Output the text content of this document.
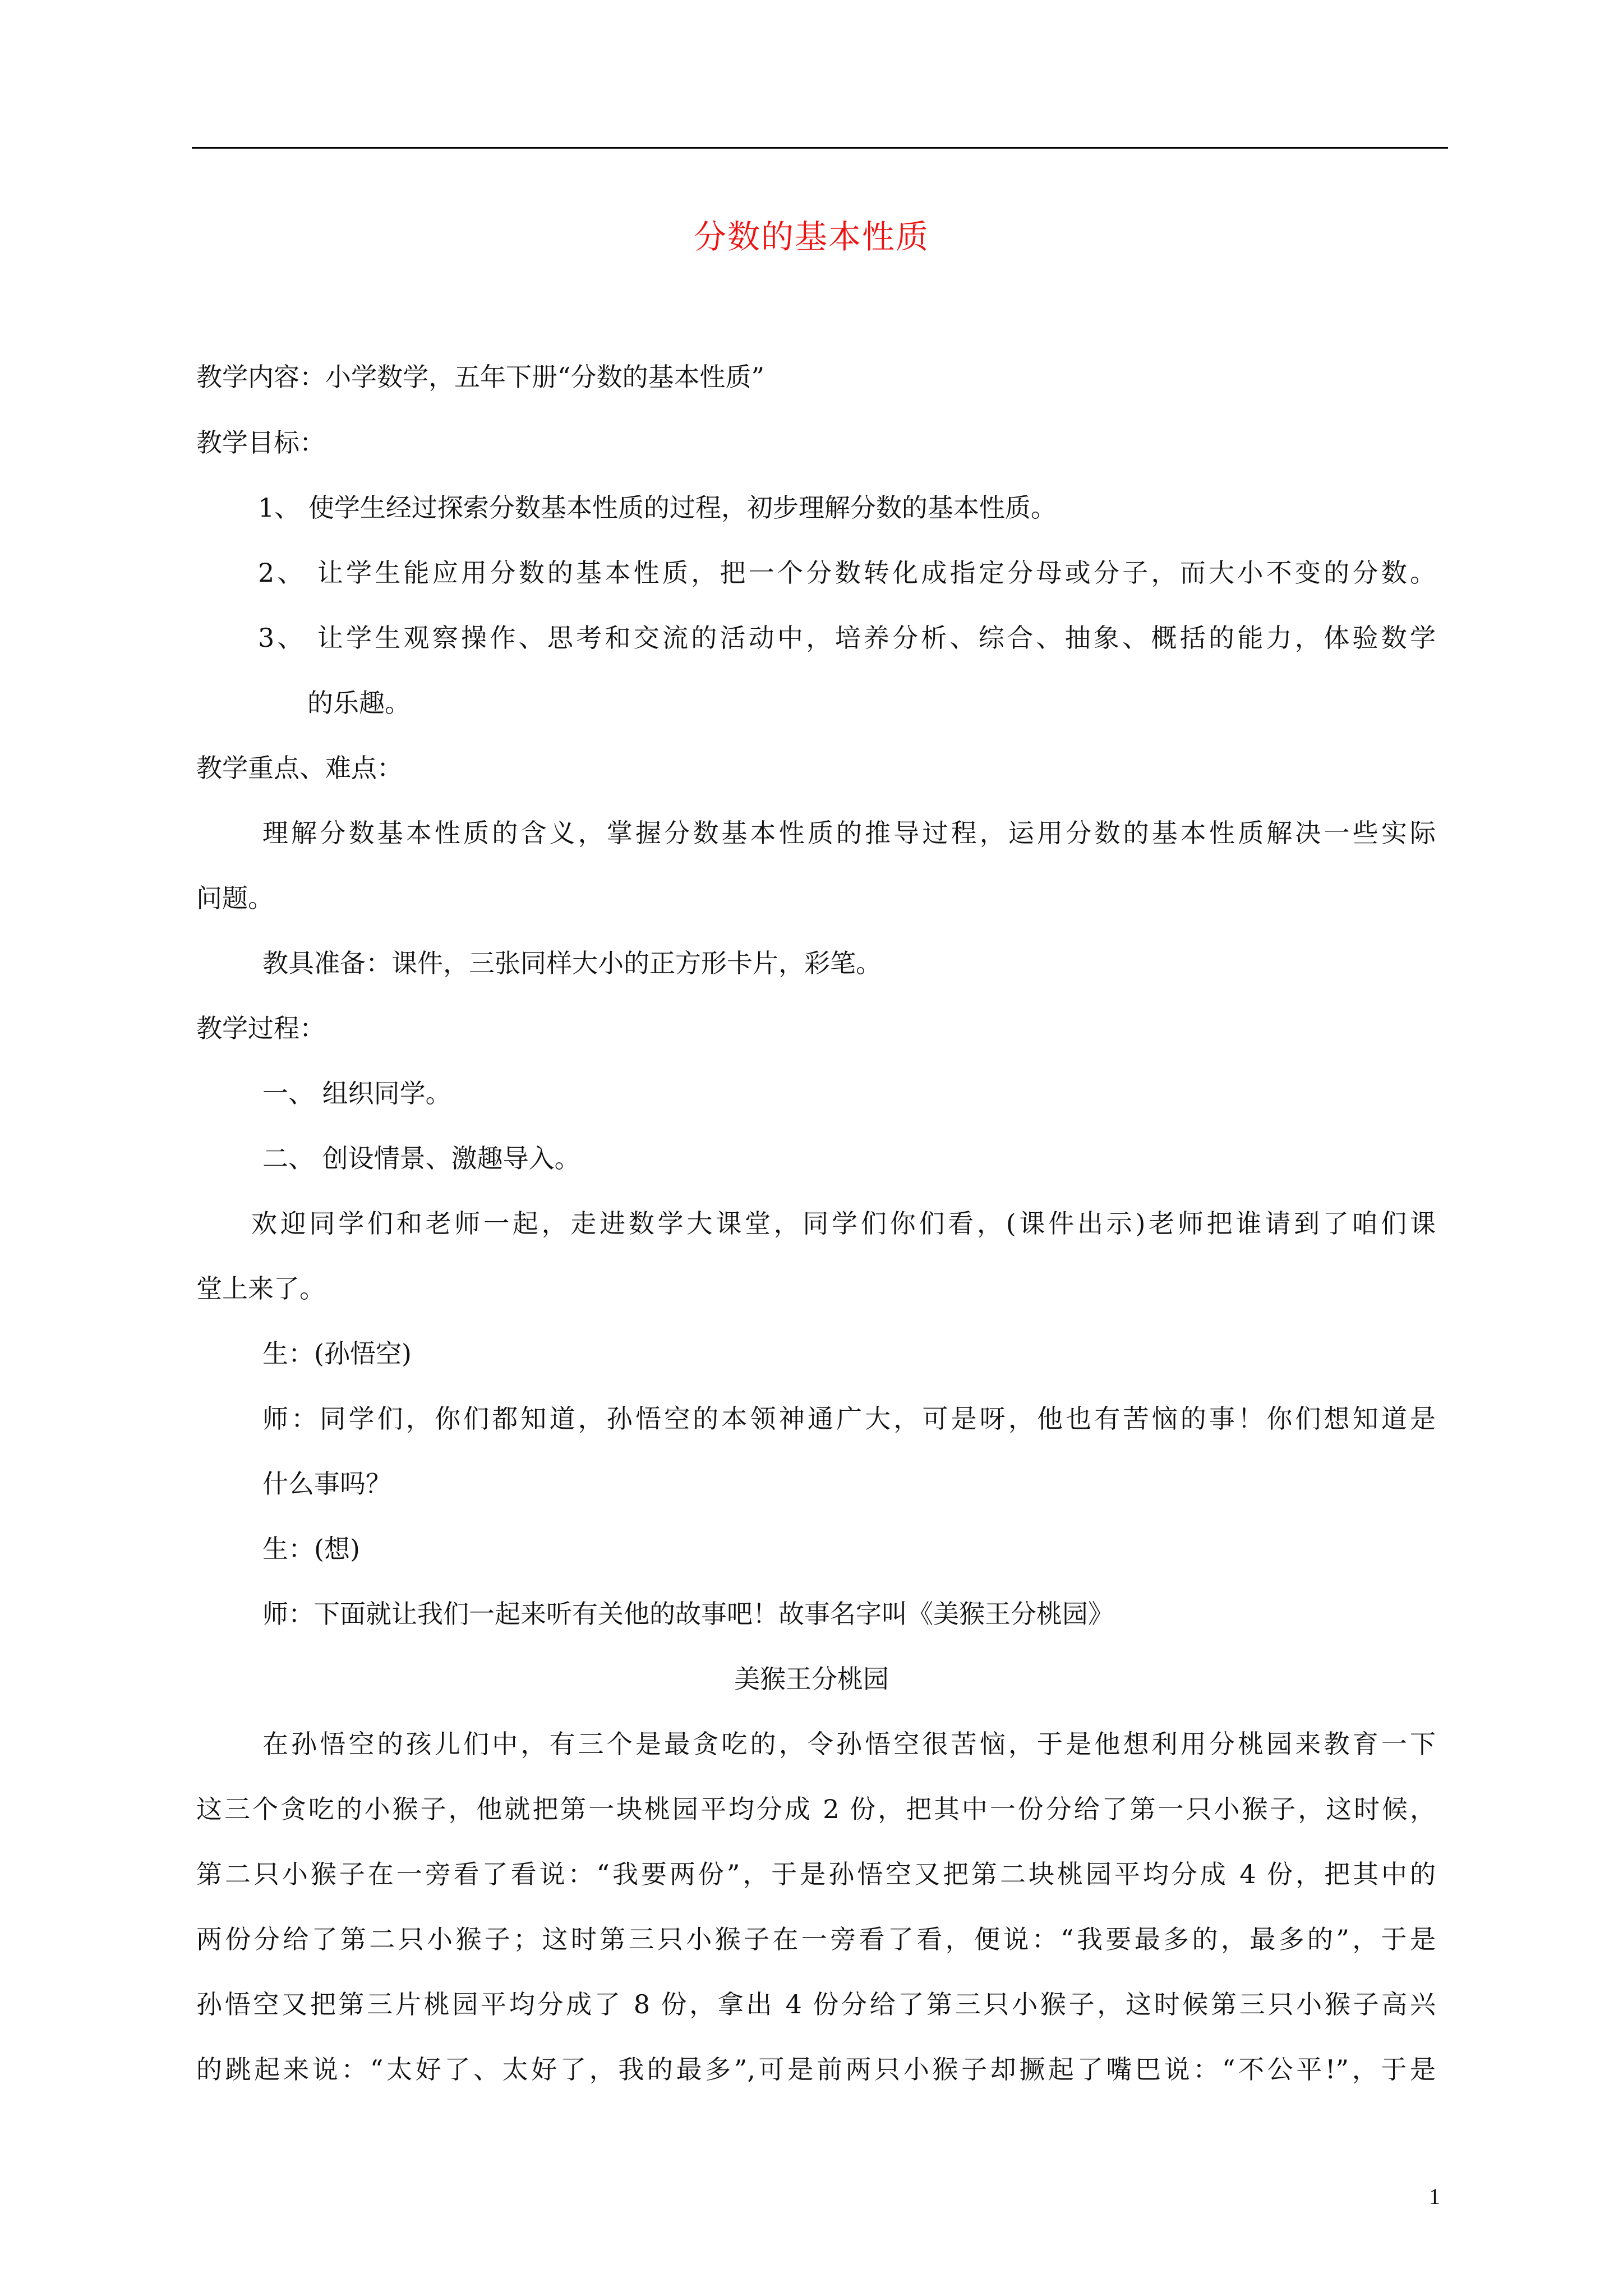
分数的基本性质
教学内容：小学数学，五年下册“分数的基本性质”
教学目标：
1、 使学生经过探索分数基本性质的过程，初步理解分数的基本性质。
2、 让学生能应用分数的基本性质，把一个分数转化成指定分母或分子，而大小不变的分数。
3、 让学生观察操作、思考和交流的活动中，培养分析、综合、抽象、概括的能力，体验数学
的乐趣。
教学重点、难点：
理解分数基本性质的含义，掌握分数基本性质的推导过程，运用分数的基本性质解决一些实际
问题。
教具准备：课件，三张同样大小的正方形卡片，彩笔。
教学过程：
一、 组织同学。
二、 创设情景、激趣导入。
欢迎同学们和老师一起，走进数学大课堂，同学们你们看，(课件出示)老师把谁请到了咱们课
堂上来了。
生：(孙悟空)
师：同学们，你们都知道，孙悟空的本领神通广大，可是呀，他也有苦恼的事！你们想知道是
什么事吗？
生：(想)
师：下面就让我们一起来听有关他的故事吧！故事名字叫《美猴王分桃园》
美猴王分桃园
在孙悟空的孩儿们中，有三个是最贪吃的，令孙悟空很苦恼，于是他想利用分桃园来教育一下
这三个贪吃的小猴子，他就把第一块桃园平均分成 2 份，把其中一份分给了第一只小猴子，这时候，
第二只小猴子在一旁看了看说：“我要两份”，于是孙悟空又把第二块桃园平均分成 4 份，把其中的
两份分给了第二只小猴子；这时第三只小猴子在一旁看了看，便说：“我要最多的，最多的”，于是
孙悟空又把第三片桃园平均分成了 8 份，拿出 4 份分给了第三只小猴子，这时候第三只小猴子高兴
的跳起来说：“太好了、太好了，我的最多”,可是前两只小猴子却撅起了嘴巴说：“不公平!”，于是
1
